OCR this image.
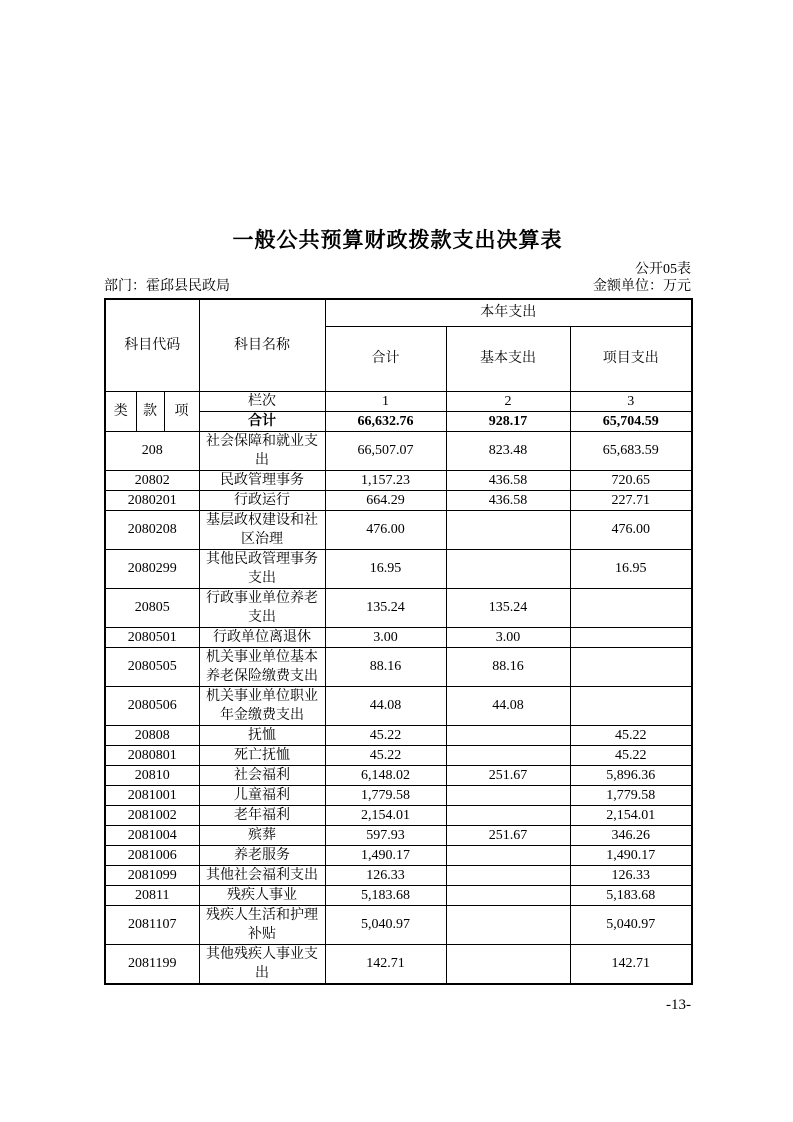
一般公共预算财政拨款支出决算表
公开05表
部门：霍邱县民政局	金额单位：万元
科目代码			科目名称	本年支出		
				合计	基本支出	项目支出
类	款	项	栏次	1	2	3
			合计	66,632.76	928.17	65,704.59
208			社会保障和就业支出	66,507.07	823.48	65,683.59
20802			民政管理事务	1,157.23	436.58	720.65
2080201			行政运行	664.29	436.58	227.71
2080208			基层政权建设和社区治理	476.00		476.00
2080299			其他民政管理事务支出	16.95		16.95
20805			行政事业单位养老支出	135.24	135.24	
2080501			行政单位离退休	3.00	3.00	
2080505			机关事业单位基本养老保险缴费支出	88.16	88.16	
2080506			机关事业单位职业年金缴费支出	44.08	44.08	
20808			抚恤	45.22		45.22
2080801			死亡抚恤	45.22		45.22
20810			社会福利	6,148.02	251.67	5,896.36
2081001			儿童福利	1,779.58		1,779.58
2081002			老年福利	2,154.01		2,154.01
2081004			殡葬	597.93	251.67	346.26
2081006			养老服务	1,490.17		1,490.17
2081099			其他社会福利支出	126.33		126.33
20811			残疾人事业	5,183.68		5,183.68
2081107			残疾人生活和护理补贴	5,040.97		5,040.97
2081199			其他残疾人事业支出	142.71		142.71
-13-
